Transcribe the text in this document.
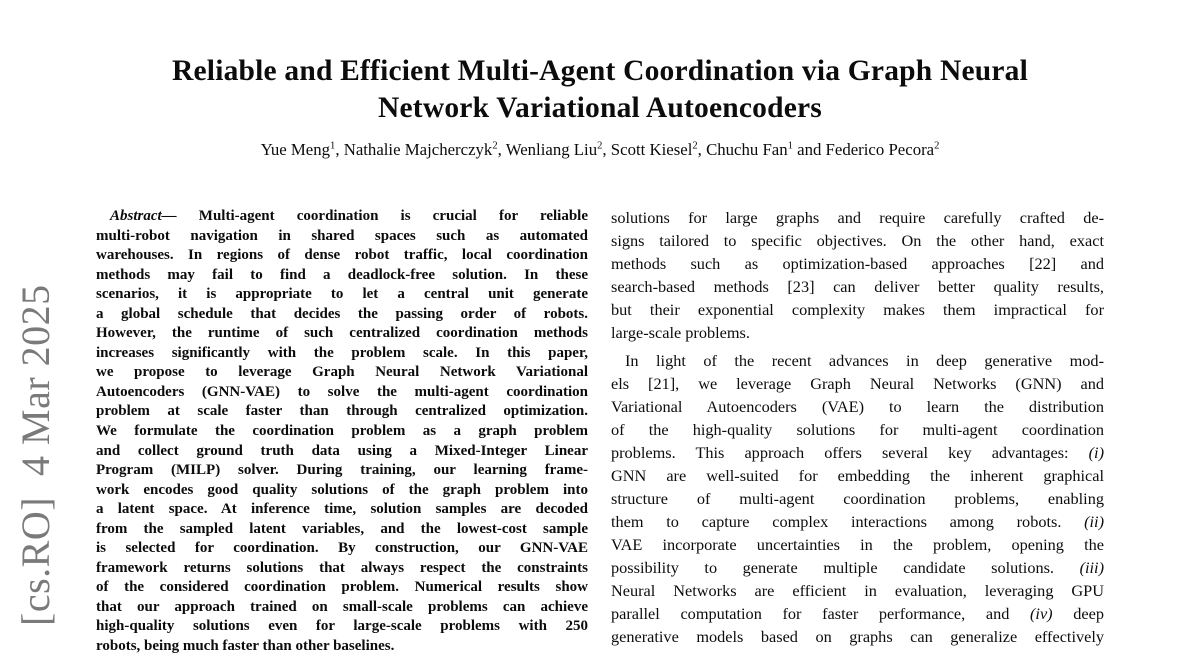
[cs.RO]  4 Mar 2025
Reliable and Efficient Multi-Agent Coordination via Graph Neural
Network Variational Autoencoders
Yue Meng$^1$, Nathalie Majcherczyk$^2$, Wenliang Liu$^2$, Scott Kiesel$^2$, Chuchu Fan$^1$ and Federico Pecora$^2$
Abstract— Multi-agent coordination is crucial for reliable
multi-robot navigation in shared spaces such as automated
warehouses. In regions of dense robot traffic, local coordination
methods may fail to find a deadlock-free solution. In these
scenarios, it is appropriate to let a central unit generate
a global schedule that decides the passing order of robots.
However, the runtime of such centralized coordination methods
increases significantly with the problem scale. In this paper,
we propose to leverage Graph Neural Network Variational
Autoencoders (GNN-VAE) to solve the multi-agent coordination
problem at scale faster than through centralized optimization.
We formulate the coordination problem as a graph problem
and collect ground truth data using a Mixed-Integer Linear
Program (MILP) solver. During training, our learning frame-
work encodes good quality solutions of the graph problem into
a latent space. At inference time, solution samples are decoded
from the sampled latent variables, and the lowest-cost sample
is selected for coordination. By construction, our GNN-VAE
framework returns solutions that always respect the constraints
of the considered coordination problem. Numerical results show
that our approach trained on small-scale problems can achieve
high-quality solutions even for large-scale problems with 250
robots, being much faster than other baselines.
solutions for large graphs and require carefully crafted de-
signs tailored to specific objectives. On the other hand, exact
methods such as optimization-based approaches [22] and
search-based methods [23] can deliver better quality results,
but their exponential complexity makes them impractical for
large-scale problems.
In light of the recent advances in deep generative mod-
els [21], we leverage Graph Neural Networks (GNN) and
Variational Autoencoders (VAE) to learn the distribution
of the high-quality solutions for multi-agent coordination
problems. This approach offers several key advantages: (i)
GNN are well-suited for embedding the inherent graphical
structure of multi-agent coordination problems, enabling
them to capture complex interactions among robots. (ii)
VAE incorporate uncertainties in the problem, opening the
possibility to generate multiple candidate solutions. (iii)
Neural Networks are efficient in evaluation, leveraging GPU
parallel computation for faster performance, and (iv) deep
generative models based on graphs can generalize effectively
